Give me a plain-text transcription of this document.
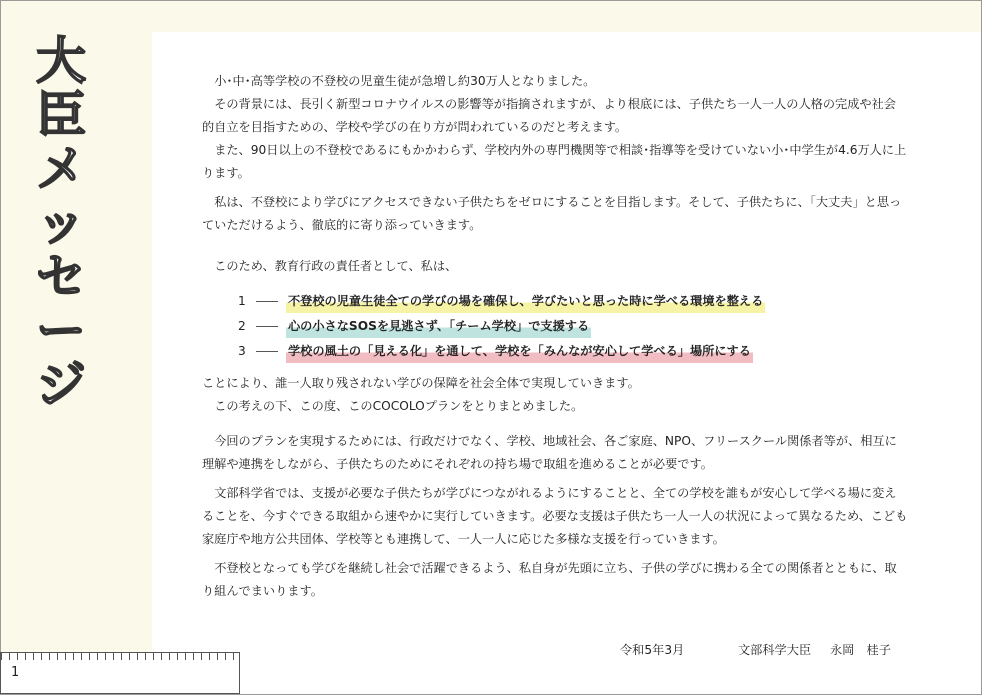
大
臣
メ
ッ
セ
ー
ジ

小･中･高等学校の不登校の児童生徒が急増し約30万人となりました。

その背景には、長引く新型コロナウイルスの影響等が指摘されますが、より根底には、子供たち一人一人の人格の完成や社会的自立を目指すための、学校や学びの在り方が問われているのだと考えます。

また、90日以上の不登校であるにもかかわらず、学校内外の専門機関等で相談･指導等を受けていない小･中学生が4.6万人に上ります。

私は、不登校により学びにアクセスできない子供たちをゼロにすることを目指します。そして、子供たちに、「大丈夫」と思っていただけるよう、徹底的に寄り添っていきます。

このため、教育行政の責任者として、私は、

1	不登校の児童生徒全ての学びの場を確保し、学びたいと思った時に学べる環境を整える
2	心の小さなSOSを見逃さず、「チーム学校」で支援する
3	学校の風土の「見える化」を通して、学校を「みんなが安心して学べる」場所にする

ことにより、誰一人取り残されない学びの保障を社会全体で実現していきます。

この考えの下、この度、このCOCOLOプランをとりまとめました。

今回のプランを実現するためには、行政だけでなく、学校、地域社会、各ご家庭、NPO、フリースクール関係者等が、相互に理解や連携をしながら、子供たちのためにそれぞれの持ち場で取組を進めることが必要です。

文部科学省では、支援が必要な子供たちが学びにつながれるようにすることと、全ての学校を誰もが安心して学べる場に変えることを、今すぐできる取組から速やかに実行していきます。必要な支援は子供たち一人一人の状況によって異なるため、こども家庭庁や地方公共団体、学校等とも連携して、一人一人に応じた多様な支援を行っていきます。

不登校となっても学びを継続し社会で活躍できるよう、私自身が先頭に立ち、子供の学びに携わる全ての関係者とともに、取り組んでまいります。

令和5年3月	文部科学大臣	永岡　桂子
1
